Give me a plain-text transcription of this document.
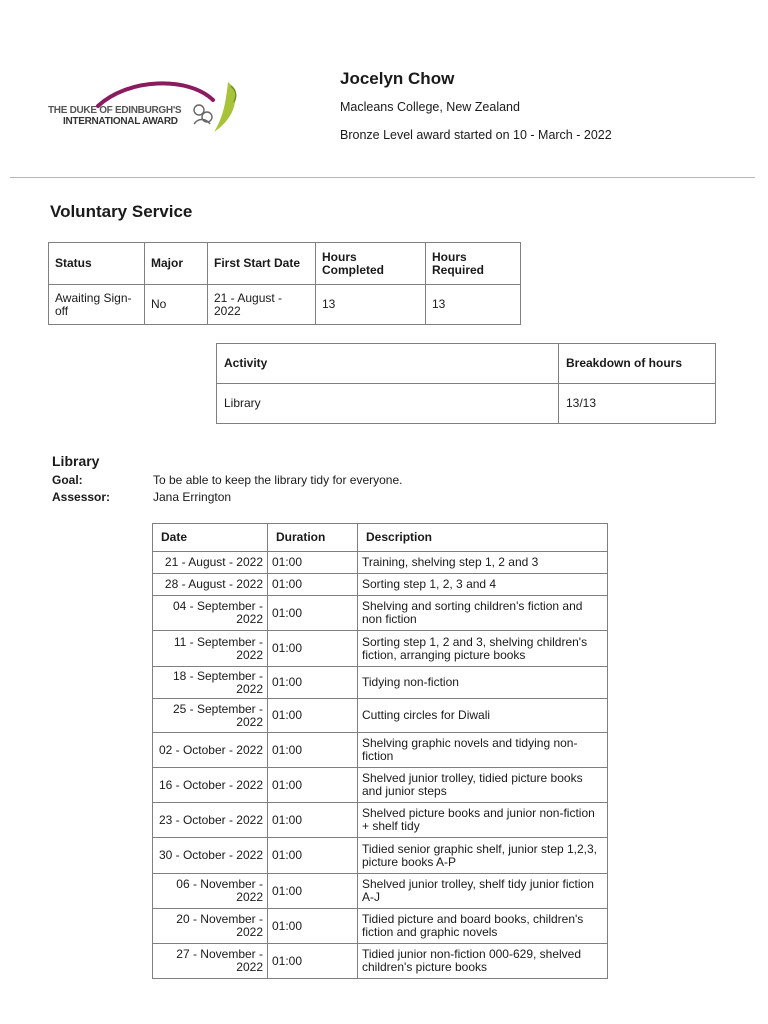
THE DUKE OF EDINBURGH'S
INTERNATIONAL AWARD
Jocelyn Chow
Macleans College, New Zealand
Bronze Level award started on 10 - March - 2022
Voluntary Service
Status	Major	First Start Date	Hours Completed	Hours Required
Awaiting Sign-off	No	21 - August - 2022	13	13
Activity	Breakdown of hours
Library	13/13
Library
Goal:	To be able to keep the library tidy for everyone.
Assessor:	Jana Errington
Date	Duration	Description
21 - August - 2022	01:00	Training, shelving step 1, 2 and 3
28 - August - 2022	01:00	Sorting step 1, 2, 3 and 4
04 - September - 2022	01:00	Shelving and sorting children's fiction and non fiction
11 - September - 2022	01:00	Sorting step 1, 2 and 3, shelving children's fiction, arranging picture books
18 - September - 2022	01:00	Tidying non-fiction
25 - September - 2022	01:00	Cutting circles for Diwali
02 - October - 2022	01:00	Shelving graphic novels and tidying non-fiction
16 - October - 2022	01:00	Shelved junior trolley, tidied picture books and junior steps
23 - October - 2022	01:00	Shelved picture books and junior non-fiction + shelf tidy
30 - October - 2022	01:00	Tidied senior graphic shelf, junior step 1,2,3, picture books A-P
06 - November - 2022	01:00	Shelved junior trolley, shelf tidy junior fiction A-J
20 - November - 2022	01:00	Tidied picture and board books, children's fiction and graphic novels
27 - November - 2022	01:00	Tidied junior non-fiction 000-629, shelved children's picture books
